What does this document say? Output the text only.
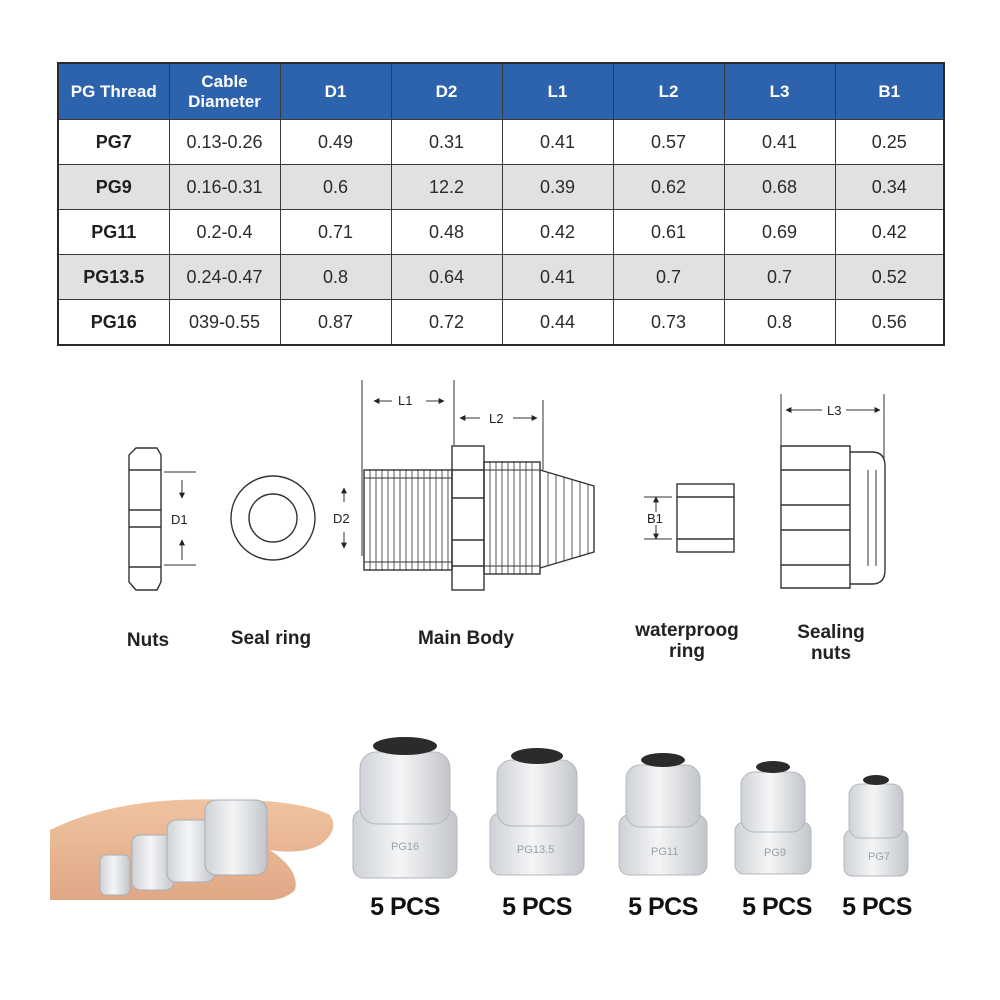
PG Thread	Cable Diameter	D1	D2	L1	L2	L3	B1
PG7	0.13-0.26	0.49	0.31	0.41	0.57	0.41	0.25
PG9	0.16-0.31	0.6	12.2	0.39	0.62	0.68	0.34
PG11	0.2-0.4	0.71	0.48	0.42	0.61	0.69	0.42
PG13.5	0.24-0.47	0.8	0.64	0.41	0.7	0.7	0.52
PG16	039-0.55	0.87	0.72	0.44	0.73	0.8	0.56
D1	D2
L1
L2
L3
B1
Nuts	Seal ring	Main Body	waterproog
ring
Sealing
nuts
PG16	PG13.5	PG11	PG9	PG7
5 PCS	5 PCS	5 PCS	5 PCS	5 PCS
